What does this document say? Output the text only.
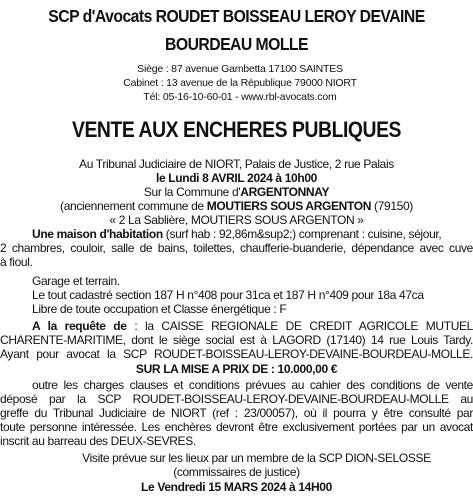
SCP d'Avocats ROUDET BOISSEAU LEROY DEVAINE
BOURDEAU MOLLE
Siège : 87 avenue Gambetta 17100 SAINTES
Cabinet : 13 avenue de la République 79000 NIORT
Tél: 05-16-10-60-01 - www.rbl-avocats.com
VENTE AUX ENCHERES PUBLIQUES
Au Tribunal Judiciaire de NIORT, Palais de Justice, 2 rue Palais
le Lundi 8 AVRIL 2024 à 10h00
Sur la Commune d'ARGENTONNAY
(anciennement commune de MOUTIERS SOUS ARGENTON (79150)
« 2 La Sablière, MOUTIERS SOUS ARGENTON »
Une maison d'habitation (surf hab : 92,86m&sup2;) comprenant : cuisine, séjour,
2 chambres, couloir, salle de bains, toilettes, chaufferie-buanderie, dépendance avec cuve
à fioul.
Garage et terrain.
Le tout cadastré section 187 H n°408 pour 31ca et 187 H n°409 pour 18a 47ca
Libre de toute occupation et Classe énergétique : F
A la requête de : la CAISSE REGIONALE DE CREDIT AGRICOLE MUTUEL
CHARENTE-MARITIME, dont le siège social est à LAGORD (17140) 14 rue Louis Tardy.
Ayant pour avocat la SCP ROUDET-BOISSEAU-LEROY-DEVAINE-BOURDEAU-MOLLE.
SUR LA MISE A PRIX DE : 10.000,00 €
outre les charges clauses et conditions prévues au cahier des conditions de vente
déposé par la SCP ROUDET-BOISSEAU-LEROY-DEVAINE-BOURDEAU-MOLLE au
greffe du Tribunal Judiciaire de NIORT (ref : 23/00057), où il pourra y être consulté par
toute personne intéressée. Les enchères devront être exclusivement portées par un avocat
inscrit au barreau des DEUX-SEVRES.
Visite prévue sur les lieux par un membre de la SCP DION-SELOSSE
(commissaires de justice)
Le Vendredi 15 MARS 2024 à 14H00
